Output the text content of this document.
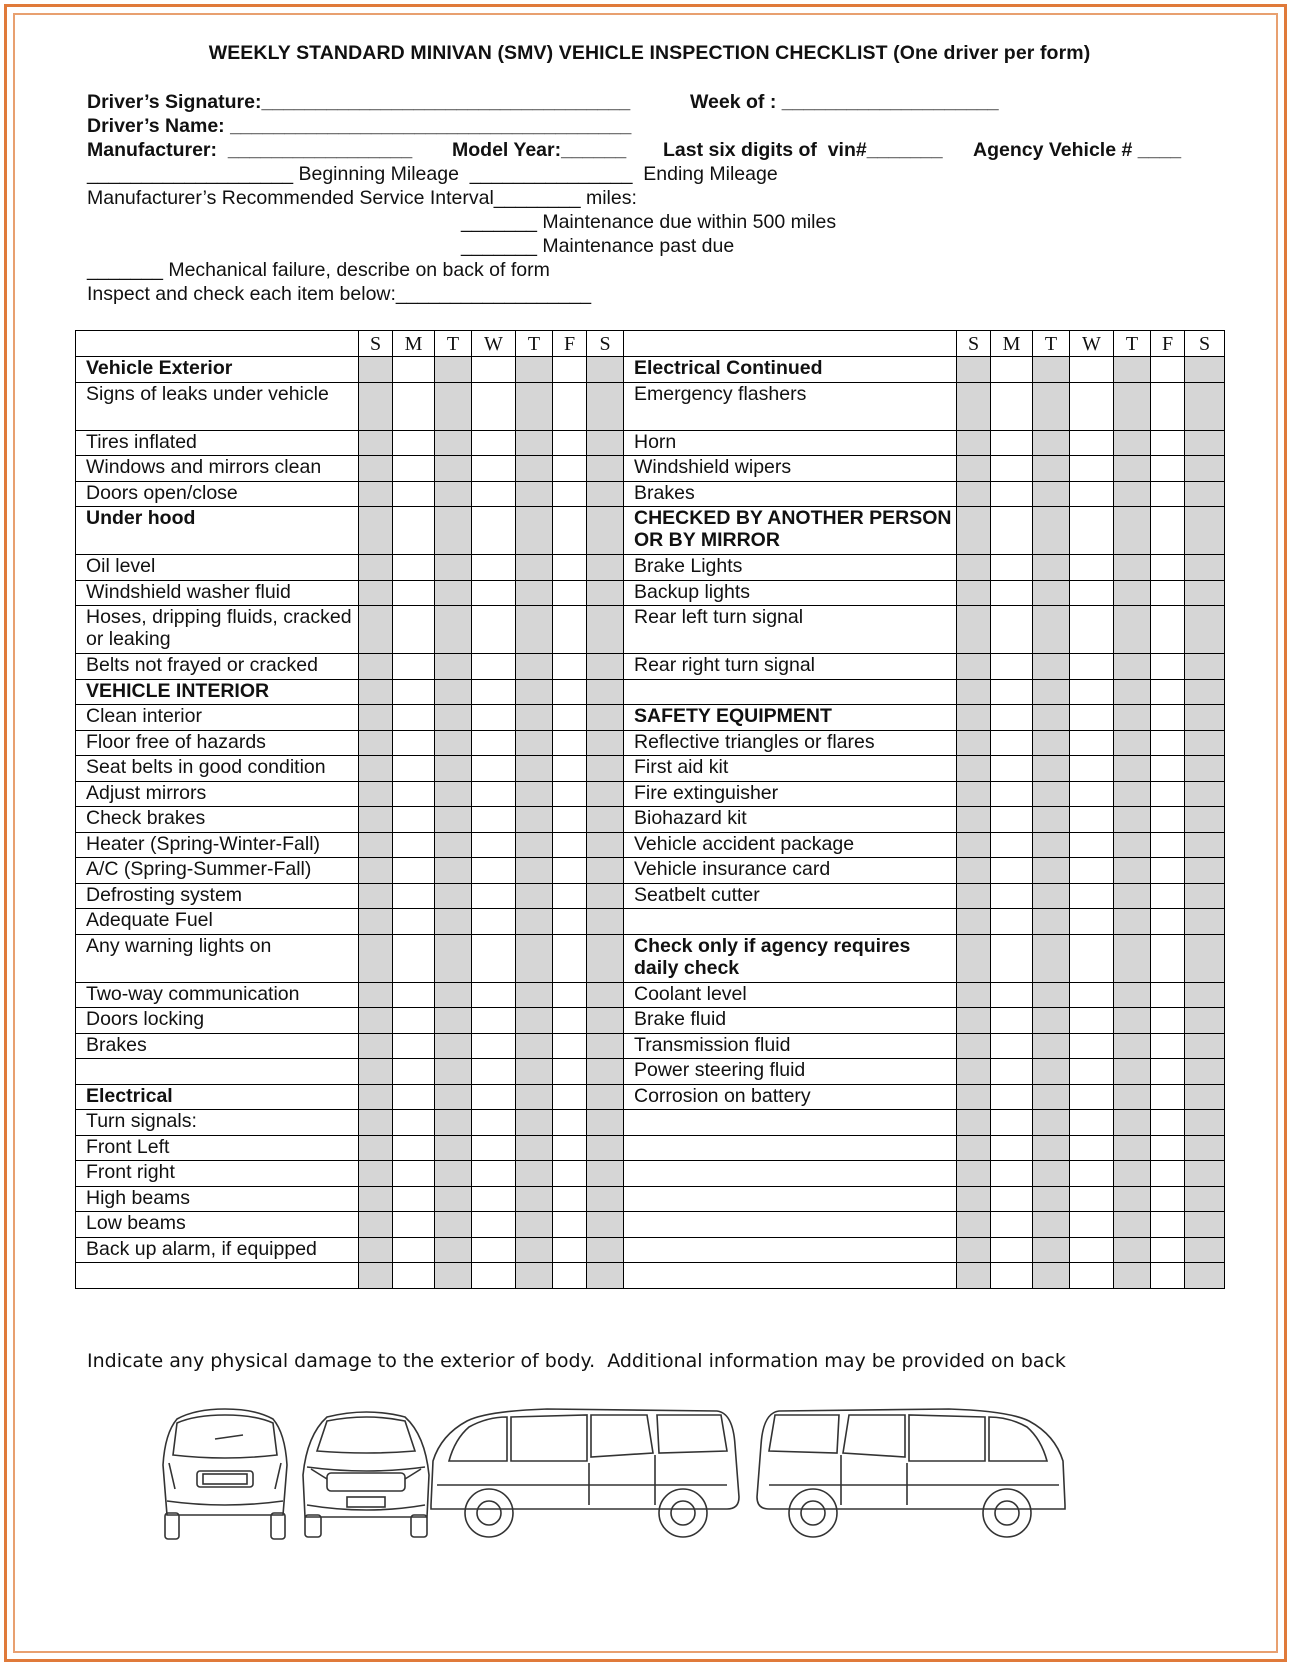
WEEKLY STANDARD MINIVAN (SMV) VEHICLE INSPECTION CHECKLIST (One driver per form)
Driver’s Signature:__________________________________	Week of : ____________________
Driver’s Name: _____________________________________
Manufacturer:  _________________ Model Year:______ Last six digits of  vin#_______ Agency Vehicle # ____
___________________ Beginning Mileage  _______________  Ending Mileage
Manufacturer’s Recommended Service Interval________ miles:
_______ Maintenance due within 500 miles
_______ Maintenance past due
_______ Mechanical failure, describe on back of form
Inspect and check each item below:__________________
	S	M	T	W	T	F	S		S	M	T	W	T	F	S
Vehicle Exterior								Electrical Continued							
Signs of leaks under vehicle								Emergency flashers							
Tires inflated								Horn							
Windows and mirrors clean								Windshield wipers							
Doors open/close								Brakes							
Under hood								CHECKED BY ANOTHER PERSON OR BY MIRROR							
Oil level								Brake Lights							
Windshield washer fluid								Backup lights							
Hoses, dripping fluids, cracked or leaking								Rear left turn signal							
Belts not frayed or cracked								Rear right turn signal							
VEHICLE INTERIOR															
Clean interior								SAFETY EQUIPMENT							
Floor free of hazards								Reflective triangles or flares							
Seat belts in good condition								First aid kit							
Adjust mirrors								Fire extinguisher							
Check brakes								Biohazard kit							
Heater (Spring-Winter-Fall)								Vehicle accident package							
A/C (Spring-Summer-Fall)								Vehicle insurance card							
Defrosting system								Seatbelt cutter							
Adequate Fuel															
Any warning lights on								Check only if agency requires daily check							
Two-way communication								Coolant level							
Doors locking								Brake fluid							
Brakes								Transmission fluid							
								Power steering fluid							
Electrical								Corrosion on battery							
Turn signals:															
Front Left															
Front right															
High beams															
Low beams															
Back up alarm, if equipped															

Indicate any physical damage to the exterior of body.  Additional information may be provided on back
